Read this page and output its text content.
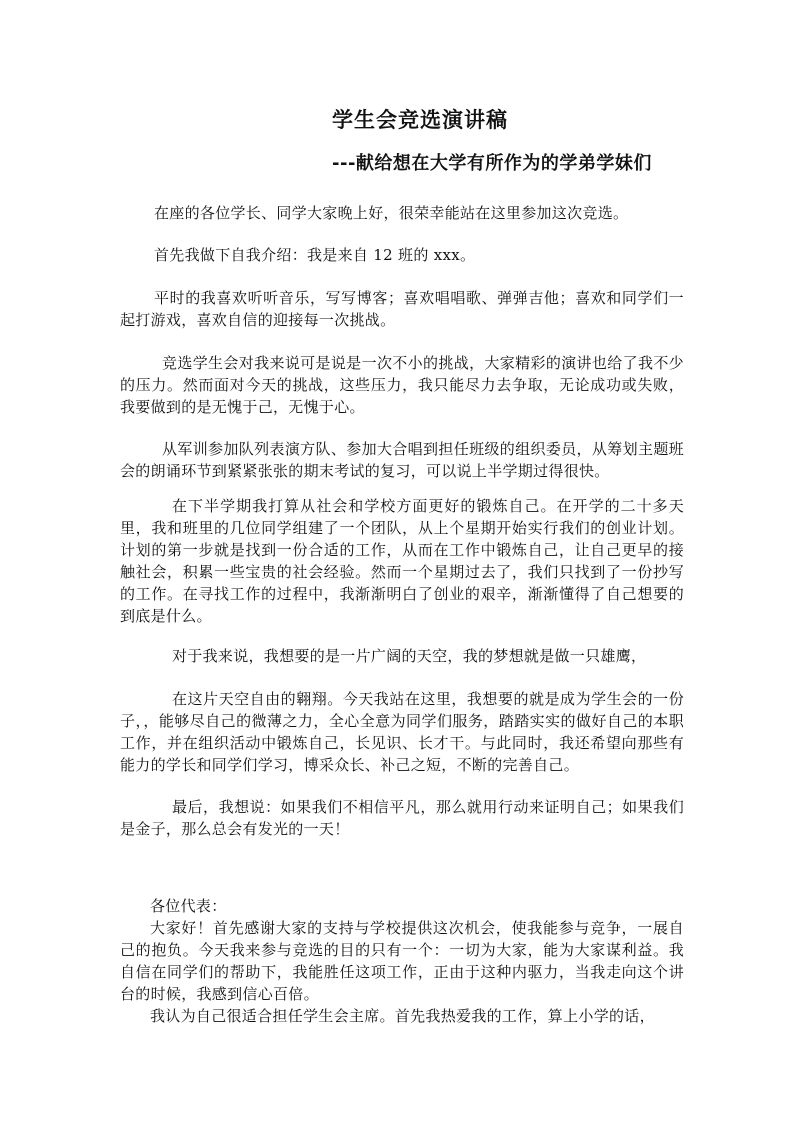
学生会竞选演讲稿
---献给想在大学有所作为的学弟学妹们
在座的各位学长、同学大家晚上好，很荣幸能站在这里参加这次竞选。
首先我做下自我介绍：我是来自 12 班的 xxx。
平时的我喜欢听听音乐，写写博客；喜欢唱唱歌、弹弹吉他；喜欢和同学们一起打游戏，喜欢自信的迎接每一次挑战。
竞选学生会对我来说可是说是一次不小的挑战，大家精彩的演讲也给了我不少的压力。然而面对今天的挑战，这些压力，我只能尽力去争取，无论成功或失败，我要做到的是无愧于己，无愧于心。
从军训参加队列表演方队、参加大合唱到担任班级的组织委员，从筹划主题班会的朗诵环节到紧紧张张的期末考试的复习，可以说上半学期过得很快。
在下半学期我打算从社会和学校方面更好的锻炼自己。在开学的二十多天里，我和班里的几位同学组建了一个团队，从上个星期开始实行我们的创业计划。计划的第一步就是找到一份合适的工作，从而在工作中锻炼自己，让自己更早的接触社会，积累一些宝贵的社会经验。然而一个星期过去了，我们只找到了一份抄写的工作。在寻找工作的过程中，我渐渐明白了创业的艰辛，渐渐懂得了自己想要的到底是什么。
对于我来说，我想要的是一片广阔的天空，我的梦想就是做一只雄鹰，
在这片天空自由的翱翔。今天我站在这里，我想要的就是成为学生会的一份子，，能够尽自己的微薄之力，全心全意为同学们服务，踏踏实实的做好自己的本职工作，并在组织活动中锻炼自己，长见识、长才干。与此同时，我还希望向那些有能力的学长和同学们学习，博采众长、补己之短，不断的完善自己。
最后，我想说：如果我们不相信平凡，那么就用行动来证明自己；如果我们是金子，那么总会有发光的一天！
各位代表：
大家好！首先感谢大家的支持与学校提供这次机会，使我能参与竞争，一展自己的抱负。今天我来参与竞选的目的只有一个：一切为大家，能为大家谋利益。我自信在同学们的帮助下，我能胜任这项工作，正由于这种内驱力，当我走向这个讲台的时候，我感到信心百倍。
我认为自己很适合担任学生会主席。首先我热爱我的工作，算上小学的话，
